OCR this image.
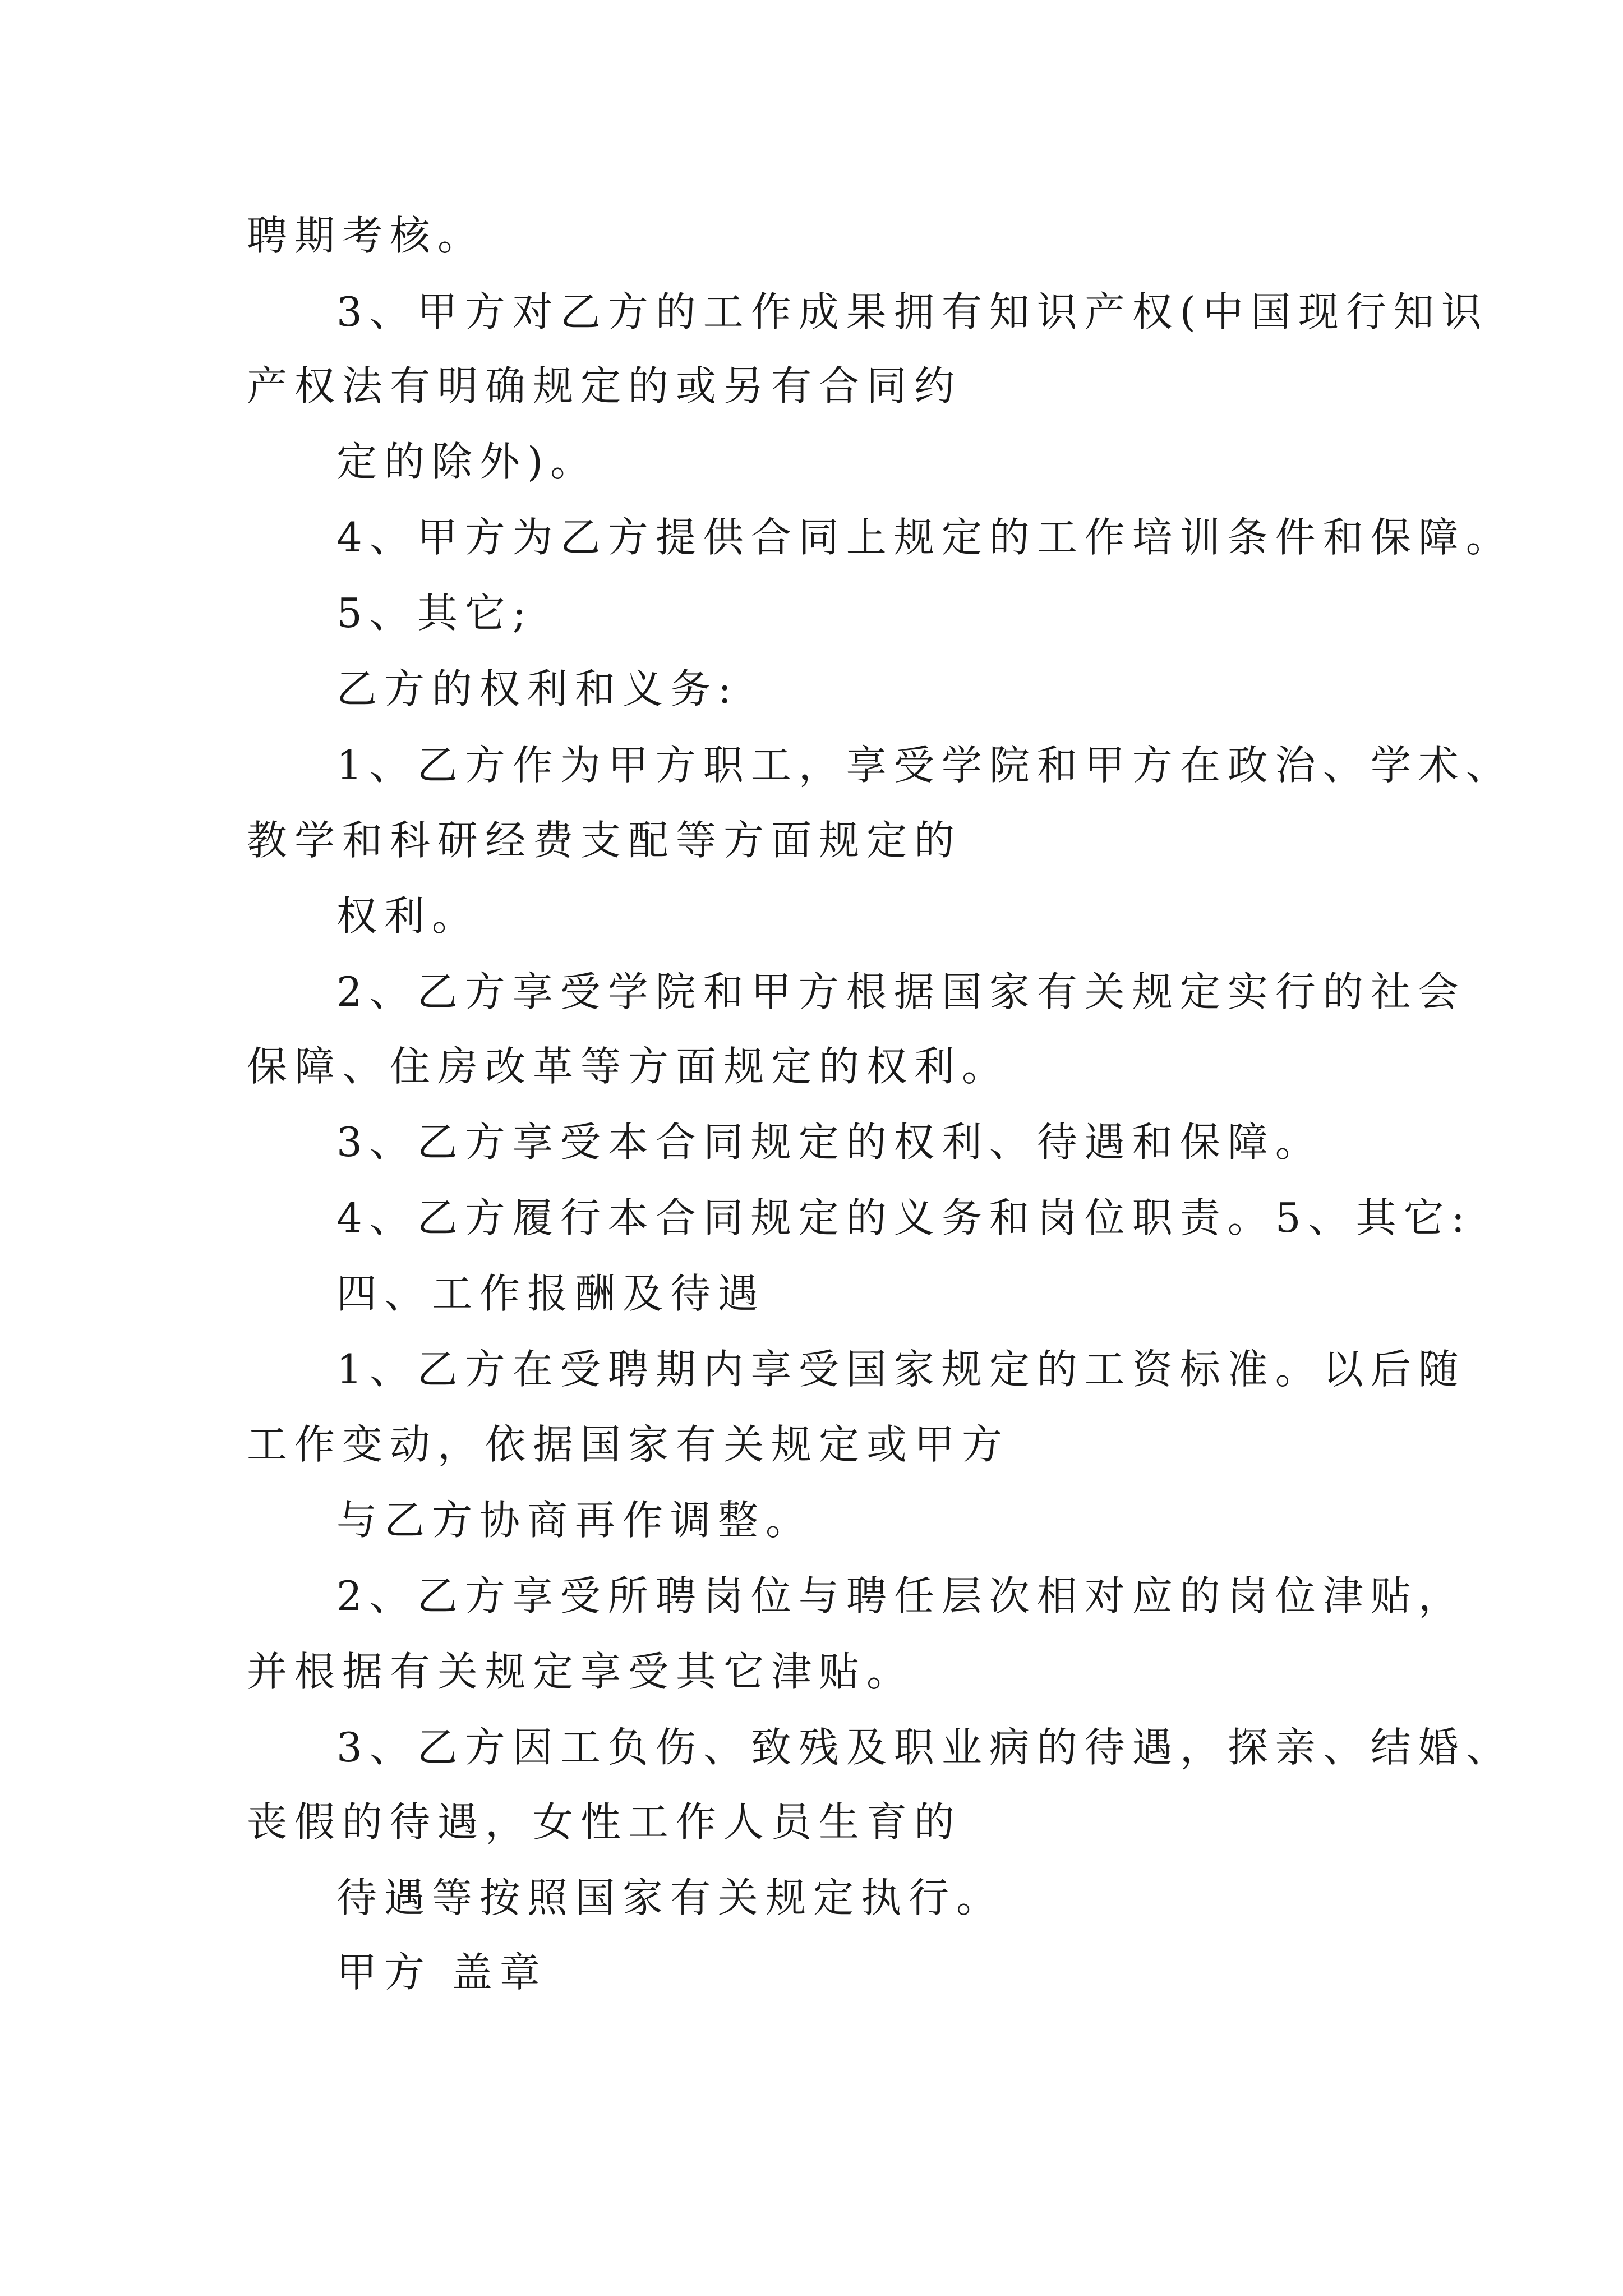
聘期考核。
3、甲方对乙方的工作成果拥有知识产权(中国现行知识
产权法有明确规定的或另有合同约
定的除外)。
4、甲方为乙方提供合同上规定的工作培训条件和保障。
5、其它;
乙方的权利和义务:
1、乙方作为甲方职工，享受学院和甲方在政治、学术、
教学和科研经费支配等方面规定的
权利。
2、乙方享受学院和甲方根据国家有关规定实行的社会
保障、住房改革等方面规定的权利。
3、乙方享受本合同规定的权利、待遇和保障。
4、乙方履行本合同规定的义务和岗位职责。5、其它:
四、工作报酬及待遇
1、乙方在受聘期内享受国家规定的工资标准。以后随
工作变动，依据国家有关规定或甲方
与乙方协商再作调整。
2、乙方享受所聘岗位与聘任层次相对应的岗位津贴，
并根据有关规定享受其它津贴。
3、乙方因工负伤、致残及职业病的待遇，探亲、结婚、
丧假的待遇，女性工作人员生育的
待遇等按照国家有关规定执行。
甲方 盖章
